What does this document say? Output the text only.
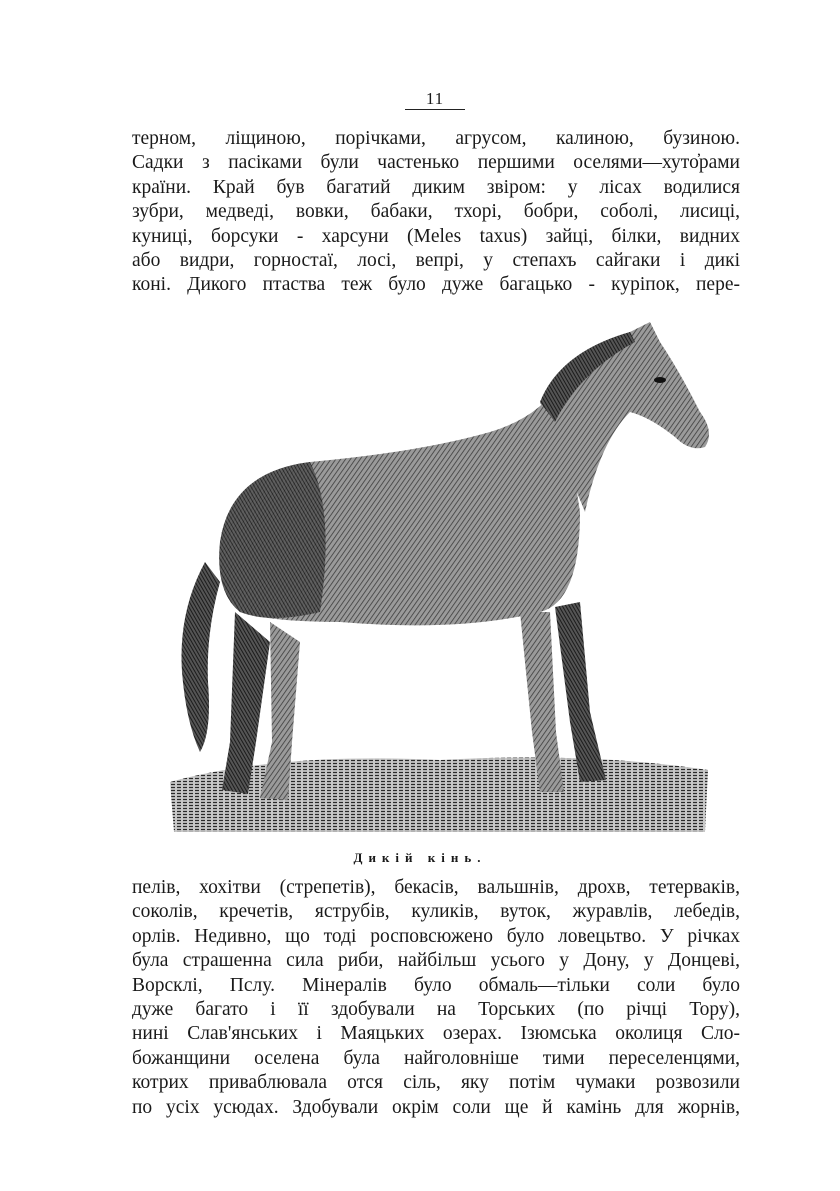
11
терном, ліщиною, порічками, агрусом, калиною, бузиною.
Садки з пасіками були частенько першими оселями—хуто̓рами
країни. Край був багатий диким звіром: у лісах водилися
зубри, медведі, вовки, бабаки, тхорі, бобри, соболі, лисиці,
куниці, борсуки - харсуни (Meles taxus) зайці, білки, видних
або видри, горностаї, лосі, вепрі, у степахъ сайгаки і дикі
коні. Дикого птаства теж було дуже багацько - куріпок, пере-
Дикій кінь.
пелів, хохітви (стрепетів), бекасів, вальшнів, дрохв, тетерваків,
соколів, кречетів, яструбів, куликів, вуток, журавлів, лебедів,
орлів. Недивно, що тоді росповсюжено було ловецьтво. У річках
була страшенна сила риби, найбільш усього у Дону, у Донцеві,
Ворсклі, Пслу. Мінералів було обмаль—тільки соли було
дуже багато і її здобували на Торських (по річці Тору),
нині Слав'янських і Маяцьких озерах. Ізюмська околиця Сло-
божанщини оселена була найголовніше тими переселенцями,
котрих приваблювала отся сіль, яку потім чумаки розвозили
по усіх усюдах. Здобували окрім соли ще й камінь для жорнів,
